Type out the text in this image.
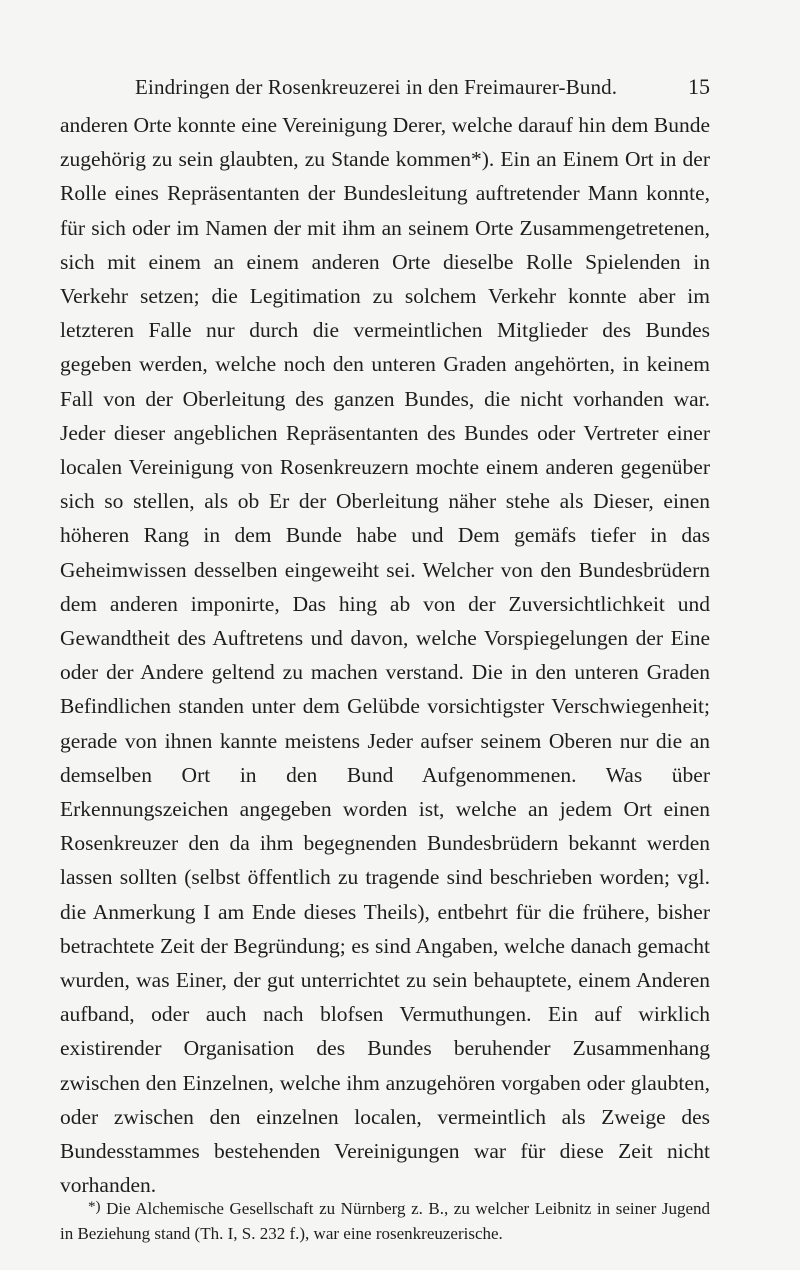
Eindringen der Rosenkreuzerei in den Freimaurer-Bund.	15

anderen Orte konnte eine Vereinigung Derer, welche darauf hin dem Bunde zugehörig zu sein glaubten, zu Stande kommen*). Ein an Einem Ort in der Rolle eines Repräsentanten der Bundesleitung auftretender Mann konnte, für sich oder im Namen der mit ihm an seinem Orte Zusammengetretenen, sich mit einem an einem anderen Orte dieselbe Rolle Spielenden in Verkehr setzen; die Legitimation zu solchem Verkehr konnte aber im letzteren Falle nur durch die vermeintlichen Mitglieder des Bundes gegeben werden, welche noch den unteren Graden angehörten, in keinem Fall von der Oberleitung des ganzen Bundes, die nicht vorhanden war. Jeder dieser angeblichen Repräsentanten des Bundes oder Vertreter einer localen Vereinigung von Rosenkreuzern mochte einem anderen gegenüber sich so stellen, als ob Er der Oberleitung näher stehe als Dieser, einen höheren Rang in dem Bunde habe und Dem gemäfs tiefer in das Geheimwissen desselben eingeweiht sei. Welcher von den Bundesbrüdern dem anderen imponirte, Das hing ab von der Zuversichtlichkeit und Gewandtheit des Auftretens und davon, welche Vorspiegelungen der Eine oder der Andere geltend zu machen verstand. Die in den unteren Graden Befindlichen standen unter dem Gelübde vorsichtigster Verschwiegenheit; gerade von ihnen kannte meistens Jeder aufser seinem Oberen nur die an demselben Ort in den Bund Aufgenommenen. Was über Erkennungszeichen angegeben worden ist, welche an jedem Ort einen Rosenkreuzer den da ihm begegnenden Bundesbrüdern bekannt werden lassen sollten (selbst öffentlich zu tragende sind beschrieben worden; vgl. die Anmerkung I am Ende dieses Theils), entbehrt für die frühere, bisher betrachtete Zeit der Begründung; es sind Angaben, welche danach gemacht wurden, was Einer, der gut unterrichtet zu sein behauptete, einem Anderen aufband, oder auch nach blofsen Vermuthungen. Ein auf wirklich existirender Organisation des Bundes beruhender Zusammenhang zwischen den Einzelnen, welche ihm anzugehören vorgaben oder glaubten, oder zwischen den einzelnen localen, vermeintlich als Zweige des Bundesstammes bestehenden Vereinigungen war für diese Zeit nicht vorhanden.

*) Die Alchemische Gesellschaft zu Nürnberg z. B., zu welcher Leibnitz in seiner Jugend in Beziehung stand (Th. I, S. 232 f.), war eine rosenkreuzerische.
